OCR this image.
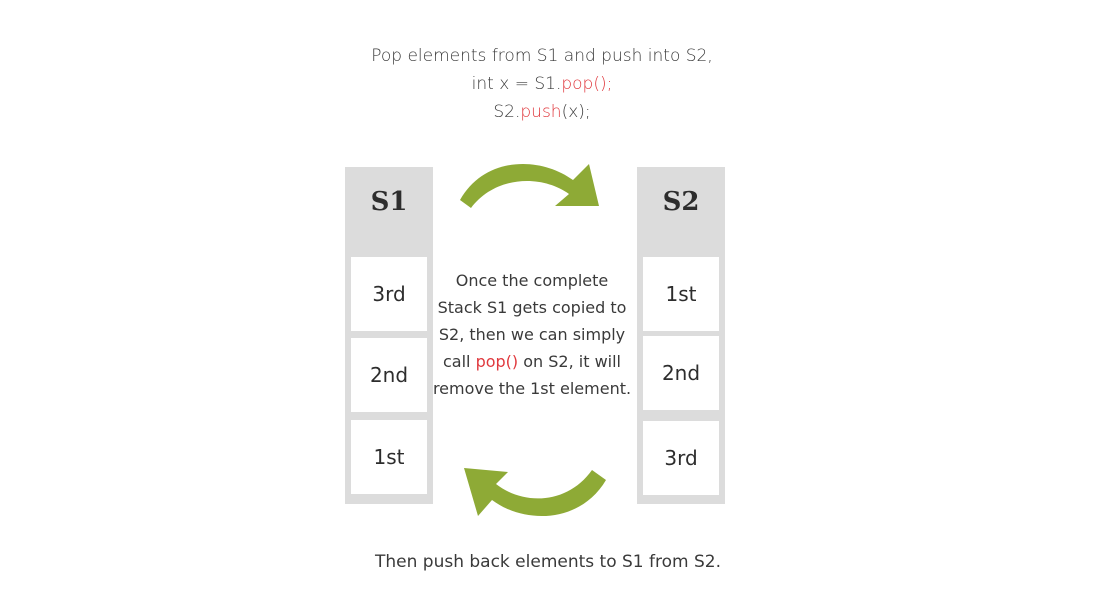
Pop elements from S1 and push into S2,
int x = S1.pop();
S2.push(x);
S1
3rd
2nd
1st
S2
1st
2nd
3rd
Once the complete Stack S1 gets copied to S2, then we can simply call pop() on S2, it will remove the 1st element.
Then push back elements to S1 from S2.
